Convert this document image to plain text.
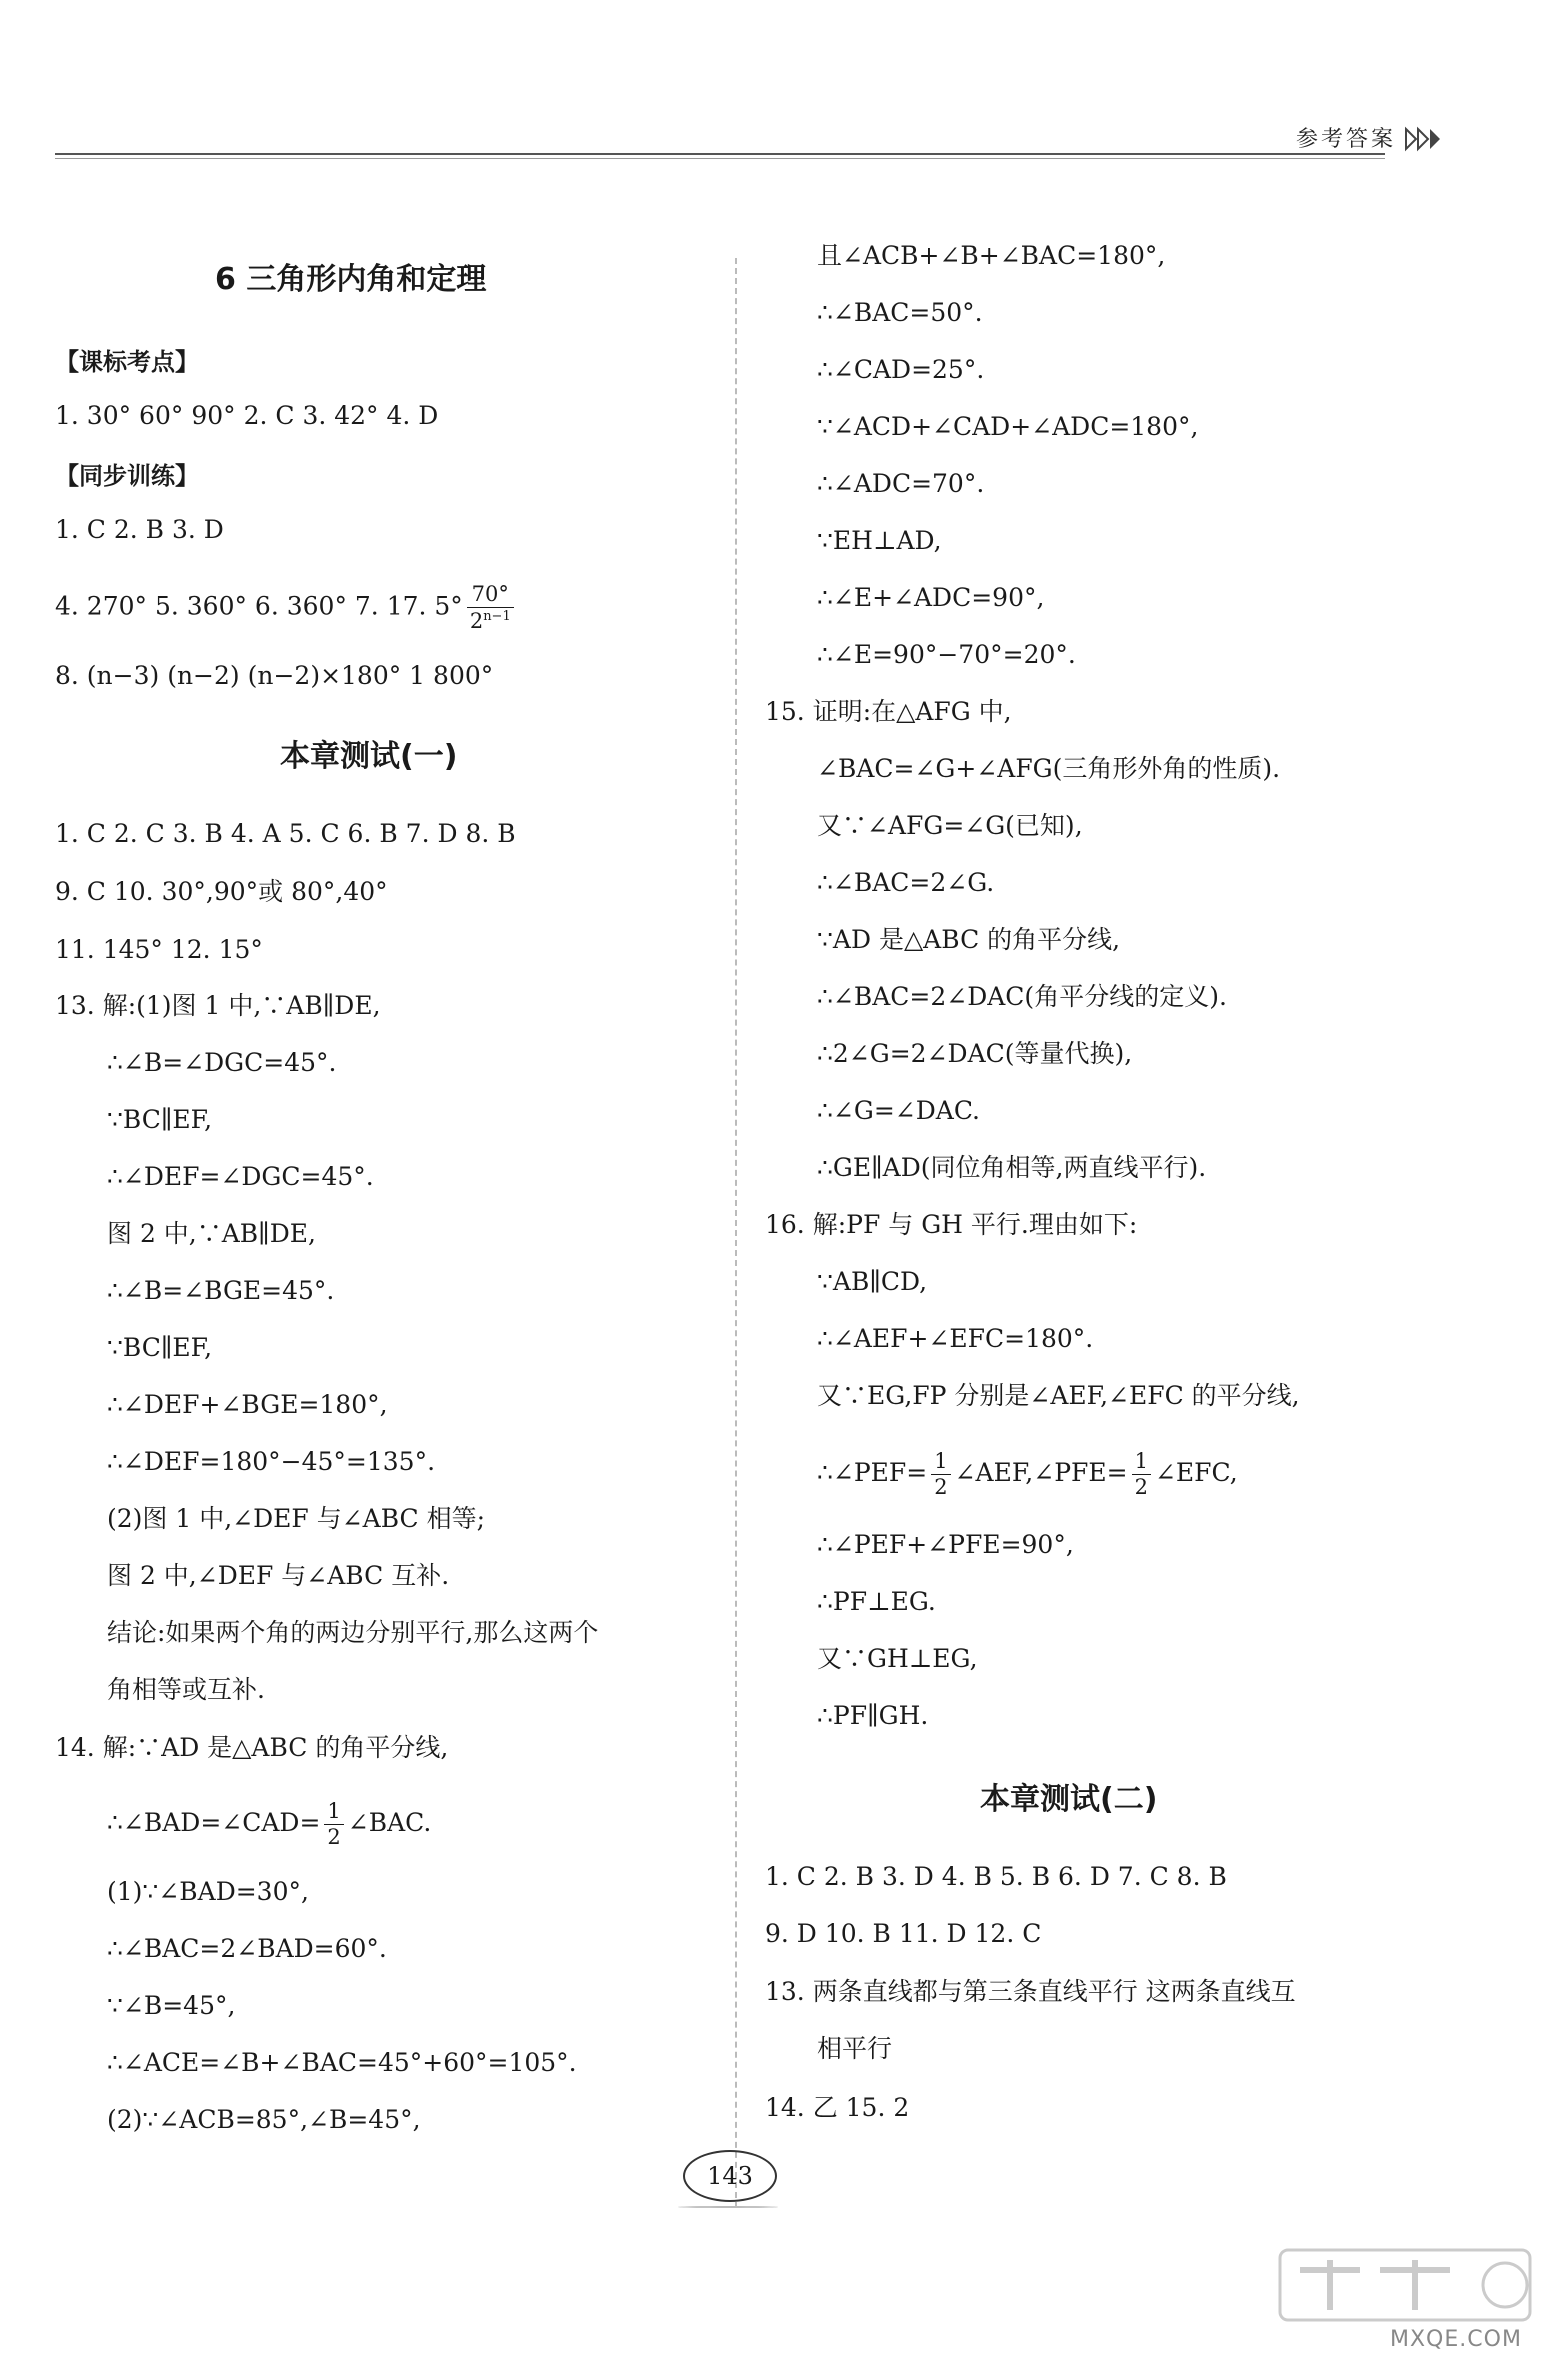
参考答案
6 三角形内角和定理
【课标考点】
1. 30° 60° 90° 2. C 3. 42° 4. D
【同步训练】
1. C 2. B 3. D
4. 270° 5. 360° 6. 360° 7. 17. $5^\circ \frac{70^\circ}{2^{n-1}}$
8. (n−3) (n−2) (n−2)×180° 1 800°
本章测试(一)
1. C 2. C 3. B 4. A 5. C 6. B 7. D 8. B
9. C 10. 30°,90°或 80°,40°
11. 145° 12. 15°
13. 解:(1)图 1 中,∵AB∥DE,
∴∠B=∠DGC=45°.
∵BC∥EF,
∴∠DEF=∠DGC=45°.
图 2 中,∵AB∥DE,
∴∠B=∠BGE=45°.
∵BC∥EF,
∴∠DEF+∠BGE=180°,
∴∠DEF=180°−45°=135°.
(2)图 1 中,∠DEF 与∠ABC 相等;
图 2 中,∠DEF 与∠ABC 互补.
结论:如果两个角的两边分别平行,那么这两个
角相等或互补.
14. 解:∵AD 是△ABC 的角平分线,
∴∠BAD=∠CAD= $\frac{1}{2}$ ∠BAC.
(1)∵∠BAD=30°,
∴∠BAC=2∠BAD=60°.
∵∠B=45°,
∴∠ACE=∠B+∠BAC=45°+60°=105°.
(2)∵∠ACB=85°,∠B=45°,
且∠ACB+∠B+∠BAC=180°,
∴∠BAC=50°.
∴∠CAD=25°.
∵∠ACD+∠CAD+∠ADC=180°,
∴∠ADC=70°.
∵EH⊥AD,
∴∠E+∠ADC=90°,
∴∠E=90°−70°=20°.
15. 证明:在△AFG 中,
∠BAC=∠G+∠AFG(三角形外角的性质).
又∵∠AFG=∠G(已知),
∴∠BAC=2∠G.
∵AD 是△ABC 的角平分线,
∴∠BAC=2∠DAC(角平分线的定义).
∴2∠G=2∠DAC(等量代换),
∴∠G=∠DAC.
∴GE∥AD(同位角相等,两直线平行).
16. 解:PF 与 GH 平行.理由如下:
∵AB∥CD,
∴∠AEF+∠EFC=180°.
又∵EG,FP 分别是∠AEF,∠EFC 的平分线,
∴∠PEF= $\frac{1}{2}$ ∠AEF,∠PFE= $\frac{1}{2}$ ∠EFC,
∴∠PEF+∠PFE=90°,
∴PF⊥EG.
又∵GH⊥EG,
∴PF∥GH.
本章测试(二)
1. C 2. B 3. D 4. B 5. B 6. D 7. C 8. B
9. D 10. B 11. D 12. C
13. 两条直线都与第三条直线平行 这两条直线互
相平行
14. 乙 15. 2
143
MXQE.COM
